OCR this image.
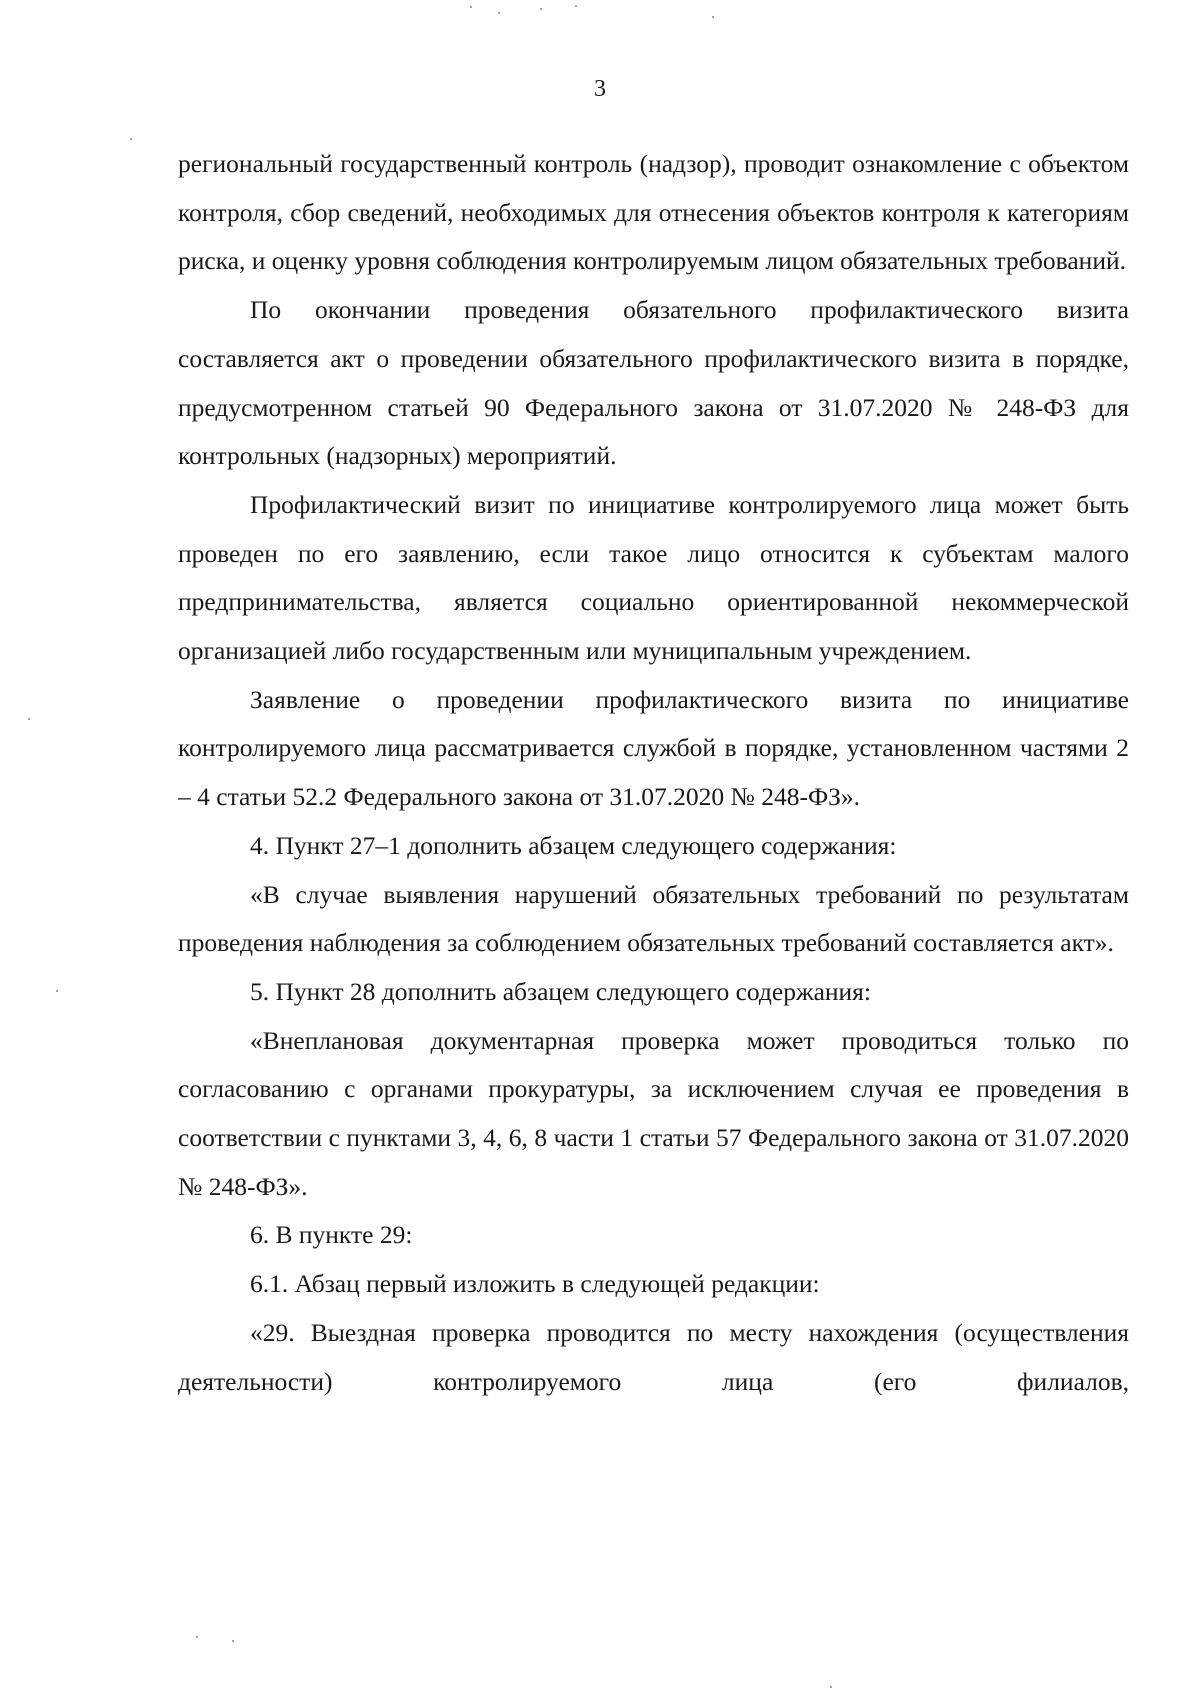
3

региональный государственный контроль (надзор), проводит ознакомление с объектом контроля, сбор сведений, необходимых для отнесения объектов контроля к категориям риска, и оценку уровня соблюдения контролируемым лицом обязательных требований.

По окончании проведения обязательного профилактического визита составляется акт о проведении обязательного профилактического визита в порядке, предусмотренном статьей 90 Федерального закона от 31.07.2020 № 248-ФЗ для контрольных (надзорных) мероприятий.

Профилактический визит по инициативе контролируемого лица может быть проведен по его заявлению, если такое лицо относится к субъектам малого предпринимательства, является социально ориентированной некоммерческой организацией либо государственным или муниципальным учреждением.

Заявление о проведении профилактического визита по инициативе контролируемого лица рассматривается службой в порядке, установленном частями 2 – 4 статьи 52.2 Федерального закона от 31.07.2020 № 248-ФЗ».

4. Пункт 27–1 дополнить абзацем следующего содержания:

«В случае выявления нарушений обязательных требований по результатам проведения наблюдения за соблюдением обязательных требований составляется акт».

5. Пункт 28 дополнить абзацем следующего содержания:

«Внеплановая документарная проверка может проводиться только по согласованию с органами прокуратуры, за исключением случая ее проведения в соответствии с пунктами 3, 4, 6, 8 части 1 статьи 57 Федерального закона от 31.07.2020 № 248-ФЗ».

6. В пункте 29:

6.1. Абзац первый изложить в следующей редакции:

«29. Выездная проверка проводится по месту нахождения (осуществления деятельности) контролируемого лица (его филиалов,
